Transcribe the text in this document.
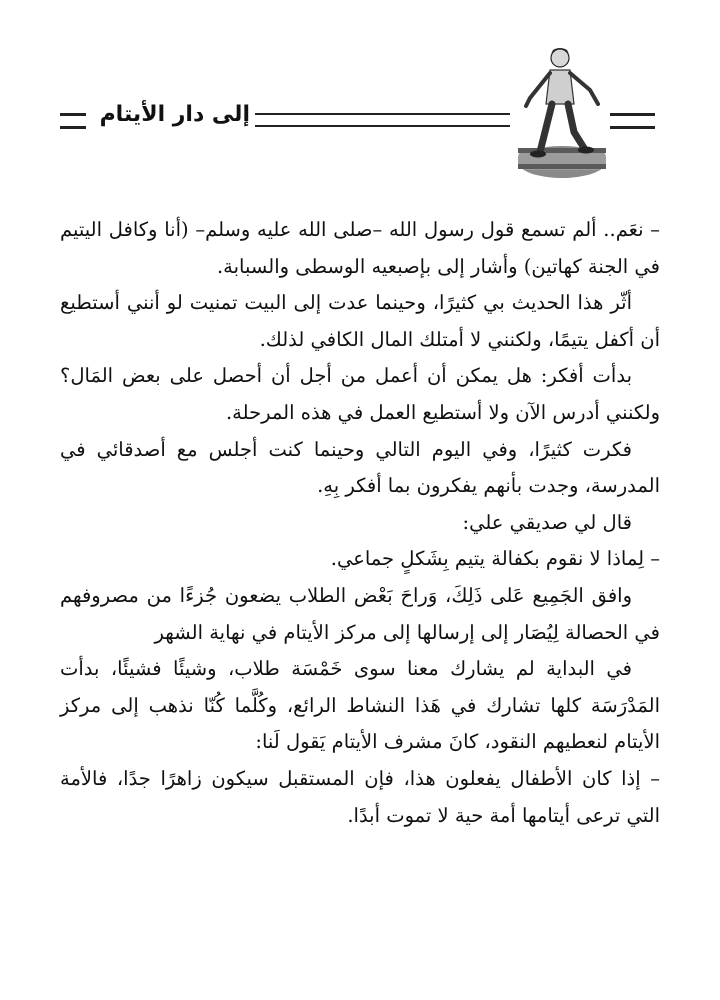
إلى دار الأيتام

– نعَم.. ألم تسمع قول رسول الله –صلى الله عليه وسلم– (أنا وكافل اليتيم في الجنة كهاتين) وأشار إلى بإصبعيه الوسطى والسبابة.

أثّر هذا الحديث بي كثيرًا، وحينما عدت إلى البيت تمنيت لو أنني أستطيع أن أكفل يتيمًا، ولكنني لا أمتلك المال الكافي لذلك.

بدأت أفكر: هل يمكن أن أعمل من أجل أن أحصل على بعض المَال؟ ولكنني أدرس الآن ولا أستطيع العمل في هذه المرحلة.

فكرت كثيرًا، وفي اليوم التالي وحينما كنت أجلس مع أصدقائي في المدرسة، وجدت بأنهم يفكرون بما أفكر بِهِ.

قال لي صديقي علي:

– لِماذا لا نقوم بكفالة يتيم بِشَكلٍ جماعي.

وافق الجَمِيع عَلى ذَلِكَ، وَراحَ بَعْض الطلاب يضعون جُزءًا من مصروفهم في الحصالة لِيُصَار إلى إرسالها إلى مركز الأيتام في نهاية الشهر

في البداية لم يشارك معنا سوى خَمْسَة طلاب، وشيئًا فشيئًا، بدأت المَدْرَسَة كلها تشارك في هَذا النشاط الرائع، وكُلَّما كُنّا نذهب إلى مركز الأيتام لنعطيهم النقود، كانَ مشرف الأيتام يَقول لَنا:

– إذا كان الأطفال يفعلون هذا، فإن المستقبل سيكون زاهرًا جدًا، فالأمة التي ترعى أيتامها أمة حية لا تموت أبدًا.
